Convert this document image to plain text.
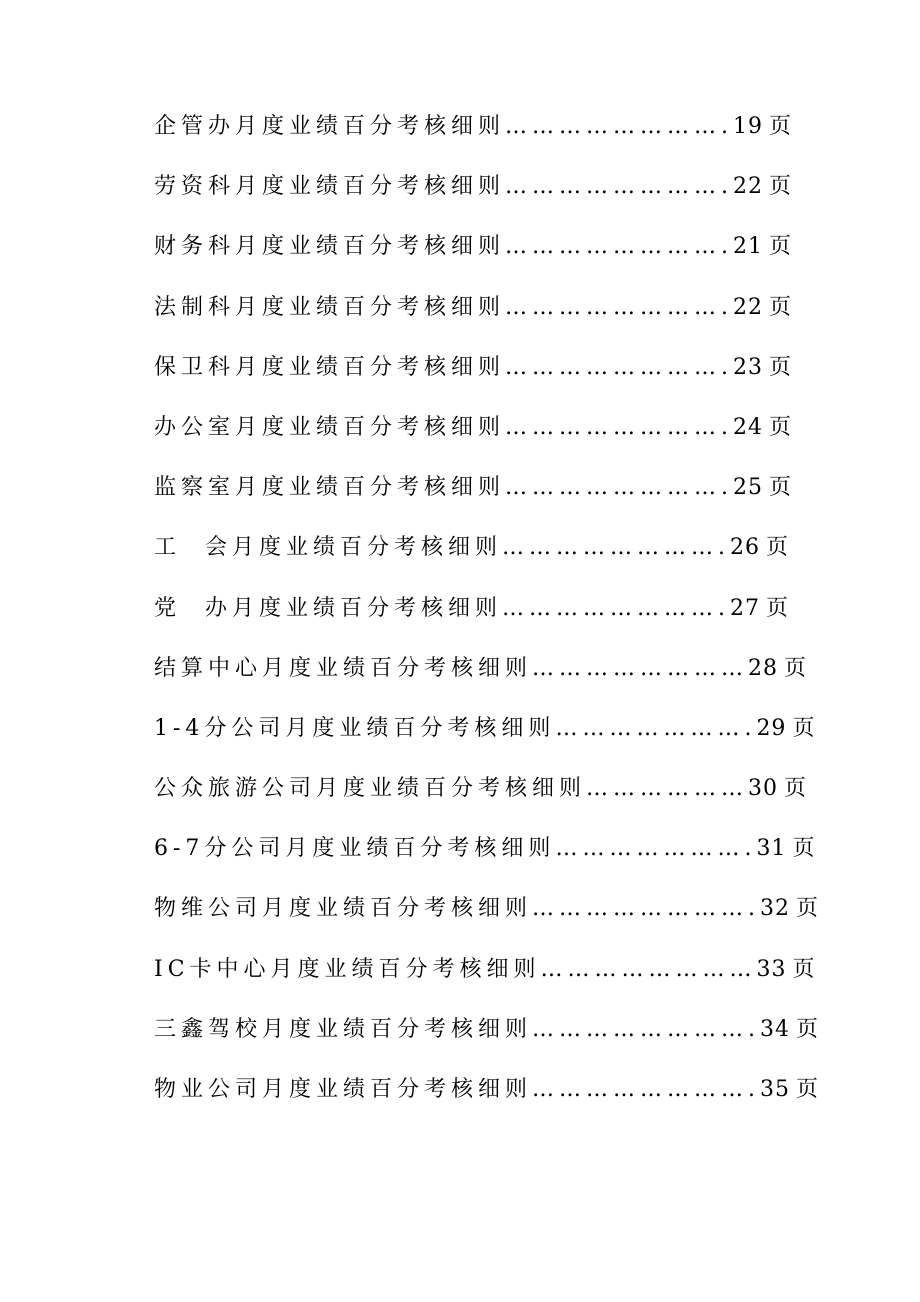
企管办月度业绩百分考核细则…………………….19 页
劳资科月度业绩百分考核细则…………………….22 页
财务科月度业绩百分考核细则…………………….21 页
法制科月度业绩百分考核细则…………………….22 页
保卫科月度业绩百分考核细则…………………….23 页
办公室月度业绩百分考核细则…………………….24 页
监察室月度业绩百分考核细则…………………….25 页
工  会月度业绩百分考核细则…………………….26 页
党  办月度业绩百分考核细则…………………….27 页
结算中心月度业绩百分考核细则……………………28 页
1-4分公司月度业绩百分考核细则………………….29 页
公众旅游公司月度业绩百分考核细则………………30 页
6-7分公司月度业绩百分考核细则………………….31 页
物维公司月度业绩百分考核细则…………………….32 页
IC卡中心月度业绩百分考核细则……………………33 页
三鑫驾校月度业绩百分考核细则…………………….34 页
物业公司月度业绩百分考核细则…………………….35 页
